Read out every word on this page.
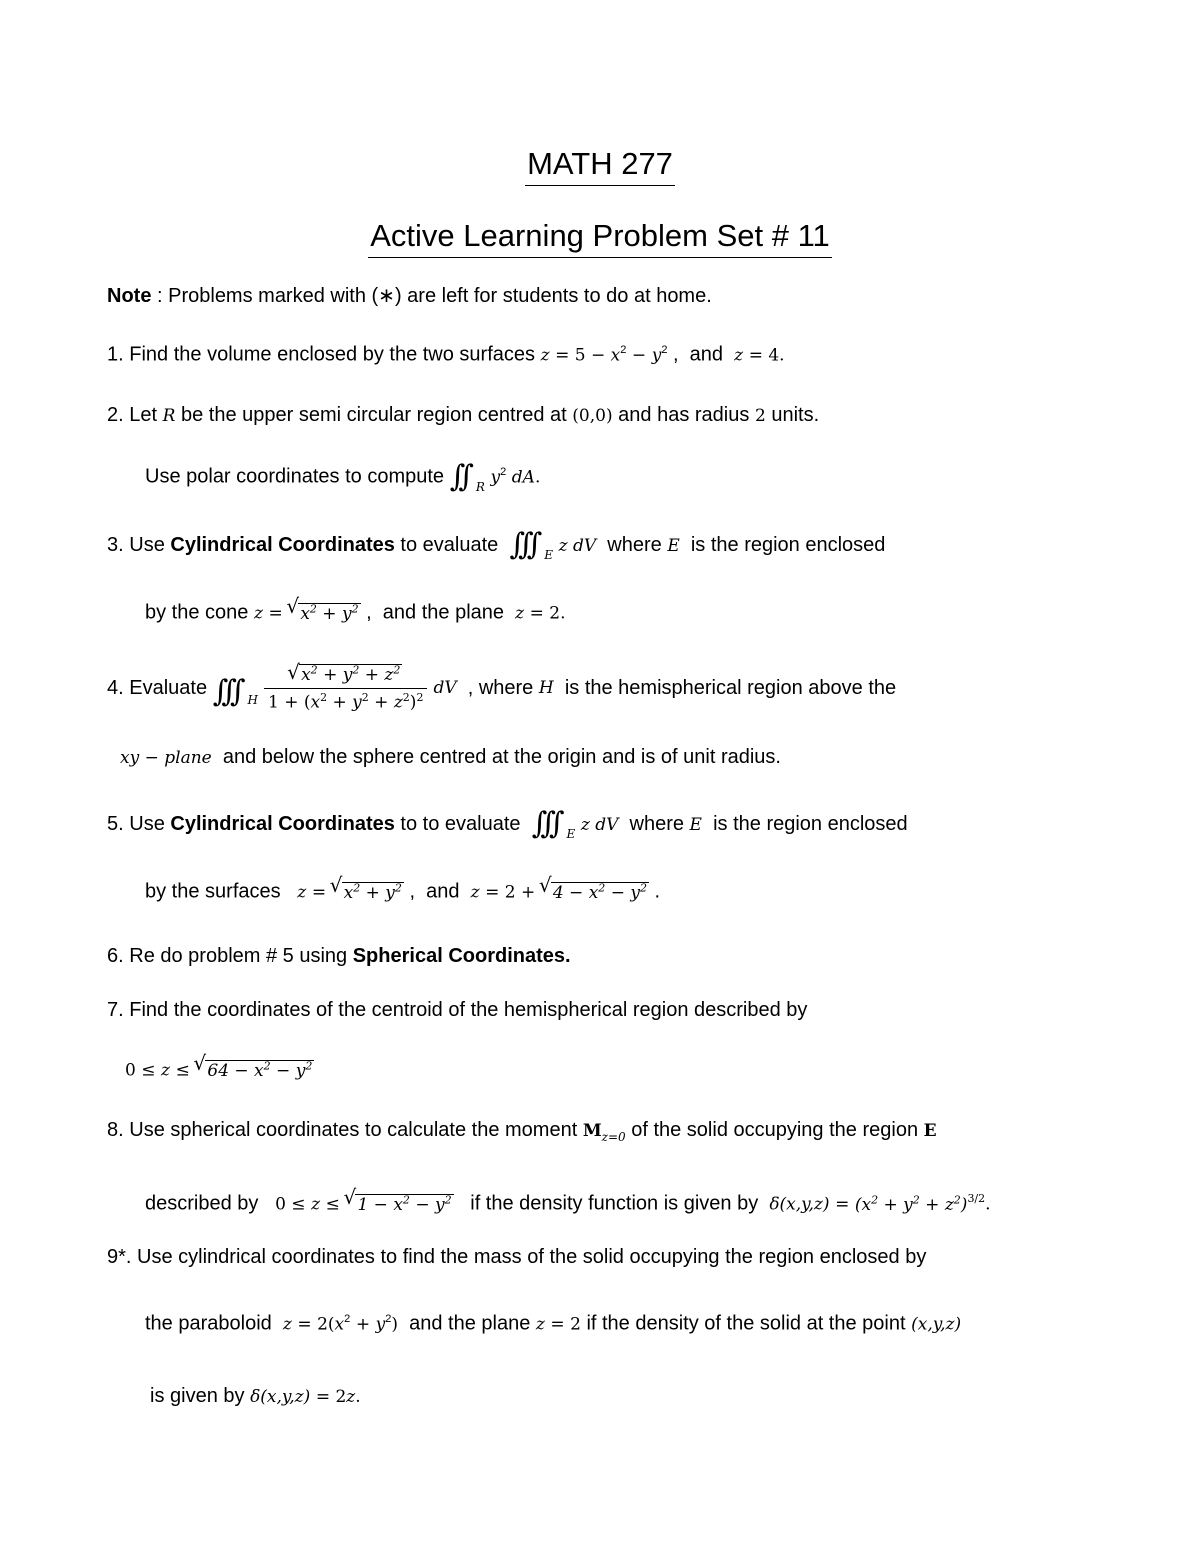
MATH 277
Active Learning Problem Set # 11
Note : Problems marked with (∗) are left for students to do at home.
1. Find the volume enclosed by the two surfaces $z = 5 - x^2 - y^2$ ,  and  z = 4.
2. Let R be the upper semi circular region centred at (0,0) and has radius 2 units.
Use polar coordinates to compute ∫∫ $_R$ $y^2$ dA.
3. Use Cylindrical Coordinates to evaluate  ∫∫∫ $_E$ z dV  where E  is the region enclosed
by the cone z = √ $x^2 + y^2$ ,  and the plane  z = 2.
4. Evaluate ∫∫∫ $_H$ √ $\frac{x^2 + y^2 + z^2}{1 + (x^2 + y^2 + z^2)^2}$ dV , where H is the hemispherical region above the
xy − plane  and below the sphere centred at the origin and is of unit radius.
5. Use Cylindrical Coordinates to to evaluate  ∫∫∫ $_E$ z dV  where E  is the region enclosed
by the surfaces   z = √ $x^2 + y^2$ ,  and  z = 2 + √ $4 - x^2 - y^2$ .
6. Re do problem # 5 using Spherical Coordinates.
7. Find the coordinates of the centroid of the hemispherical region described by
0 ≤ z ≤ √ $64 - x^2 - y^2$
8. Use spherical coordinates to calculate the moment $M_{z=0}$ of the solid occupying the region E
described by   0 ≤ z ≤ √ $1 - x^2 - y^2$   if the density function is given by  $\delta(x,y,z) = (x^2 + y^2 + z^2)^{3/2}$.
9*. Use cylindrical coordinates to find the mass of the solid occupying the region enclosed by
the paraboloid  $z = 2(x^2 + y^2)$  and the plane z = 2 if the density of the solid at the point (x,y,z)
is given by δ(x,y,z) = 2z.
